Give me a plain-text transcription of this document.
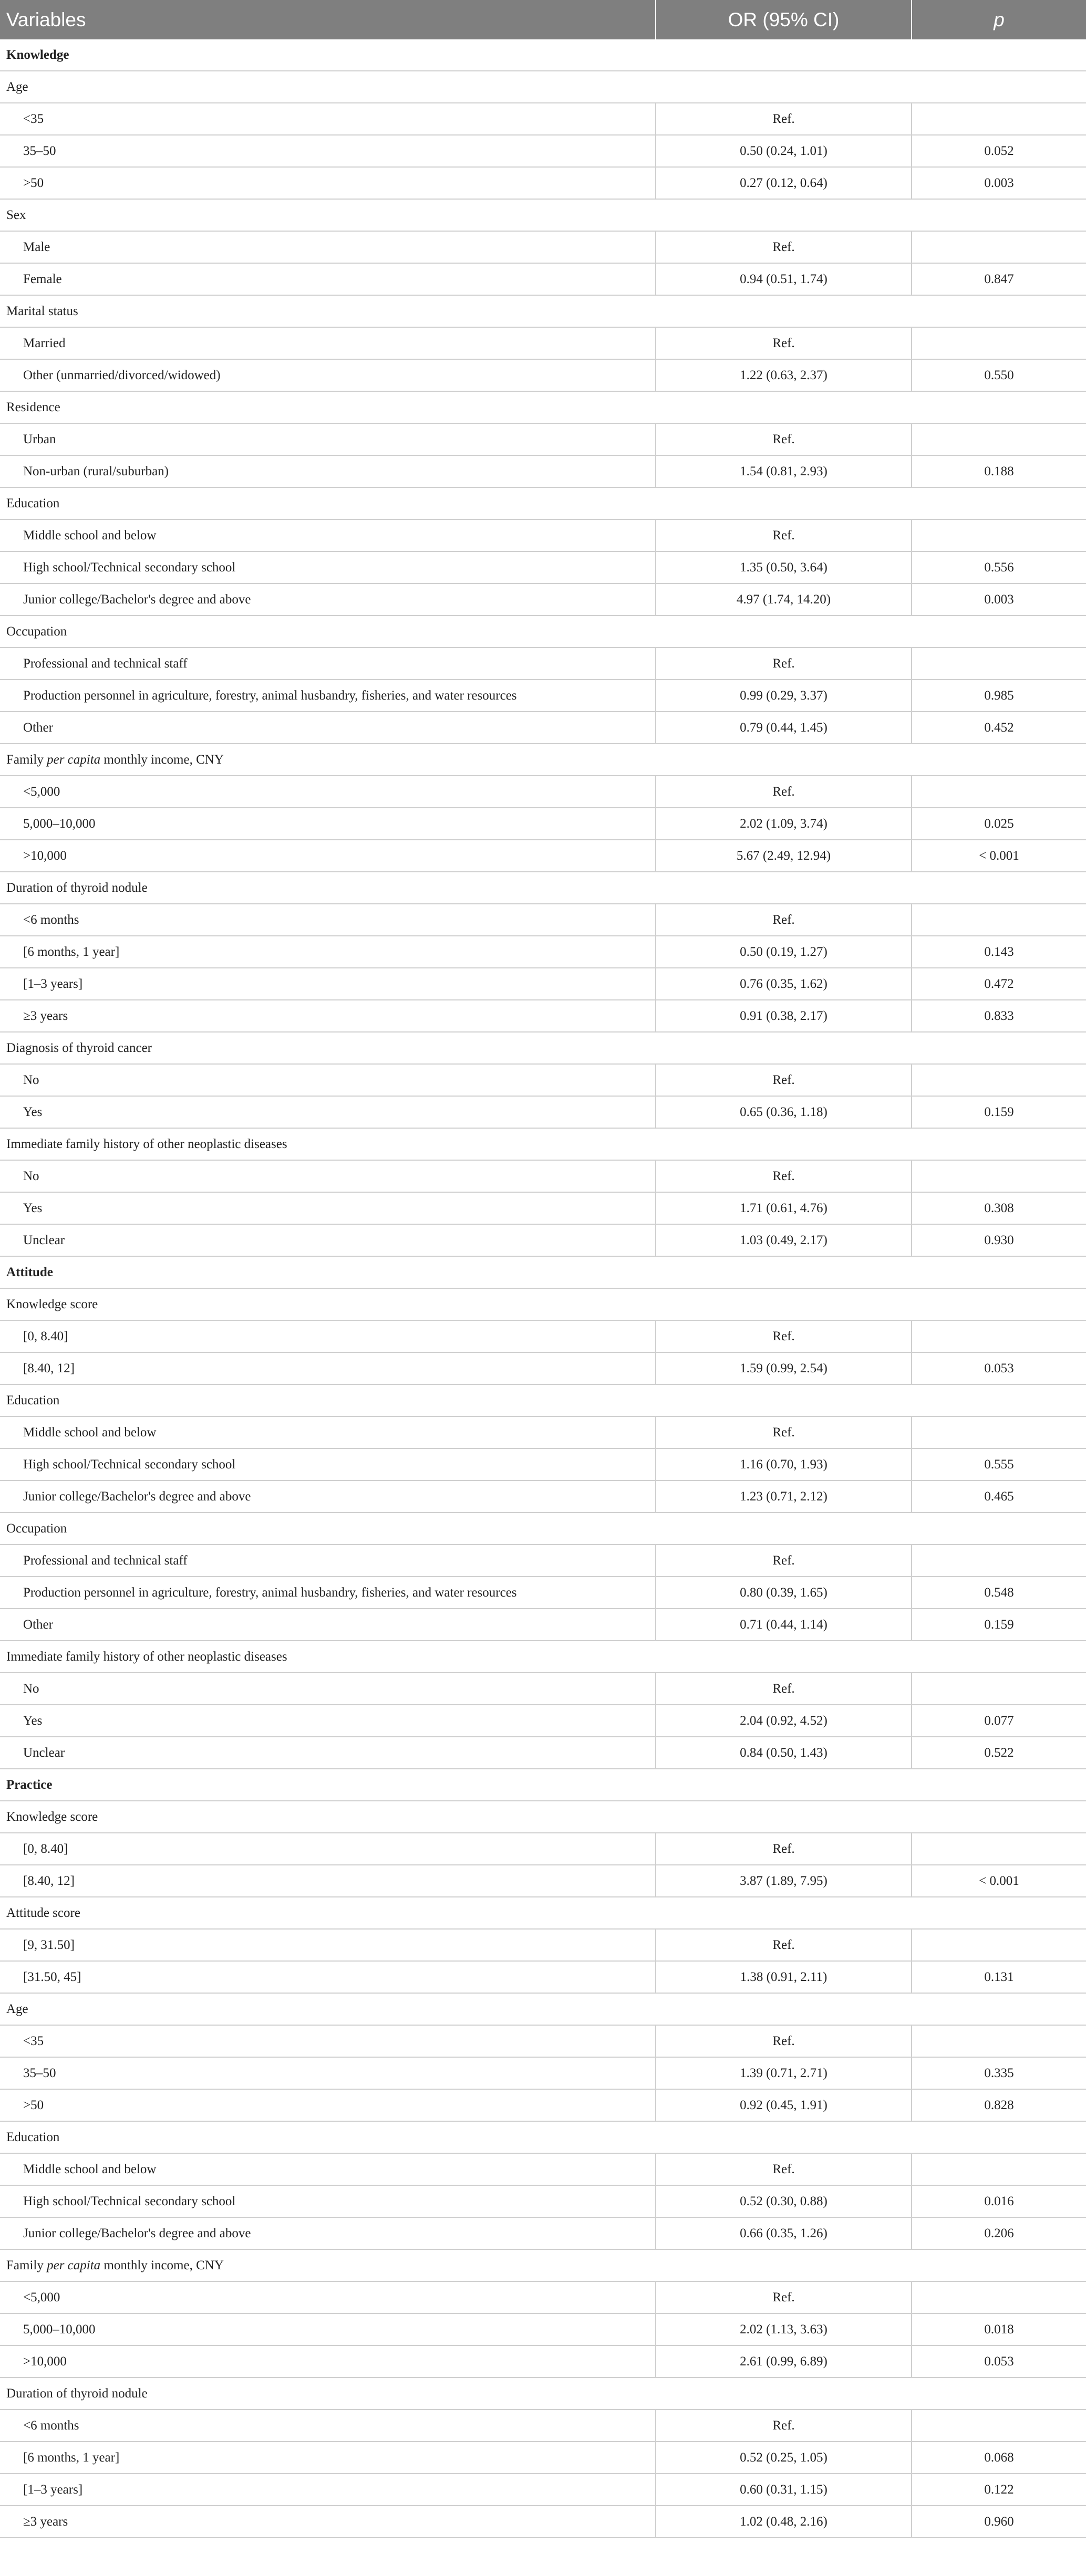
Variables	OR (95% CI)	p
Knowledge		
Age		
<35	Ref.	
35–50	0.50 (0.24, 1.01)	0.052
>50	0.27 (0.12, 0.64)	0.003
Sex		
Male	Ref.	
Female	0.94 (0.51, 1.74)	0.847
Marital status		
Married	Ref.	
Other (unmarried/divorced/widowed)	1.22 (0.63, 2.37)	0.550
Residence		
Urban	Ref.	
Non-urban (rural/suburban)	1.54 (0.81, 2.93)	0.188
Education		
Middle school and below	Ref.	
High school/Technical secondary school	1.35 (0.50, 3.64)	0.556
Junior college/Bachelor's degree and above	4.97 (1.74, 14.20)	0.003
Occupation		
Professional and technical staff	Ref.	
Production personnel in agriculture, forestry, animal husbandry, fisheries, and water resources	0.99 (0.29, 3.37)	0.985
Other	0.79 (0.44, 1.45)	0.452
Family per capita monthly income, CNY		
<5,000	Ref.	
5,000–10,000	2.02 (1.09, 3.74)	0.025
>10,000	5.67 (2.49, 12.94)	< 0.001
Duration of thyroid nodule		
<6 months	Ref.	
[6 months, 1 year]	0.50 (0.19, 1.27)	0.143
[1–3 years]	0.76 (0.35, 1.62)	0.472
≥3 years	0.91 (0.38, 2.17)	0.833
Diagnosis of thyroid cancer		
No	Ref.	
Yes	0.65 (0.36, 1.18)	0.159
Immediate family history of other neoplastic diseases		
No	Ref.	
Yes	1.71 (0.61, 4.76)	0.308
Unclear	1.03 (0.49, 2.17)	0.930
Attitude		
Knowledge score		
[0, 8.40]	Ref.	
[8.40, 12]	1.59 (0.99, 2.54)	0.053
Education		
Middle school and below	Ref.	
High school/Technical secondary school	1.16 (0.70, 1.93)	0.555
Junior college/Bachelor's degree and above	1.23 (0.71, 2.12)	0.465
Occupation		
Professional and technical staff	Ref.	
Production personnel in agriculture, forestry, animal husbandry, fisheries, and water resources	0.80 (0.39, 1.65)	0.548
Other	0.71 (0.44, 1.14)	0.159
Immediate family history of other neoplastic diseases		
No	Ref.	
Yes	2.04 (0.92, 4.52)	0.077
Unclear	0.84 (0.50, 1.43)	0.522
Practice		
Knowledge score		
[0, 8.40]	Ref.	
[8.40, 12]	3.87 (1.89, 7.95)	< 0.001
Attitude score		
[9, 31.50]	Ref.	
[31.50, 45]	1.38 (0.91, 2.11)	0.131
Age		
<35	Ref.	
35–50	1.39 (0.71, 2.71)	0.335
>50	0.92 (0.45, 1.91)	0.828
Education		
Middle school and below	Ref.	
High school/Technical secondary school	0.52 (0.30, 0.88)	0.016
Junior college/Bachelor's degree and above	0.66 (0.35, 1.26)	0.206
Family per capita monthly income, CNY		
<5,000	Ref.	
5,000–10,000	2.02 (1.13, 3.63)	0.018
>10,000	2.61 (0.99, 6.89)	0.053
Duration of thyroid nodule		
<6 months	Ref.	
[6 months, 1 year]	0.52 (0.25, 1.05)	0.068
[1–3 years]	0.60 (0.31, 1.15)	0.122
≥3 years	1.02 (0.48, 2.16)	0.960
